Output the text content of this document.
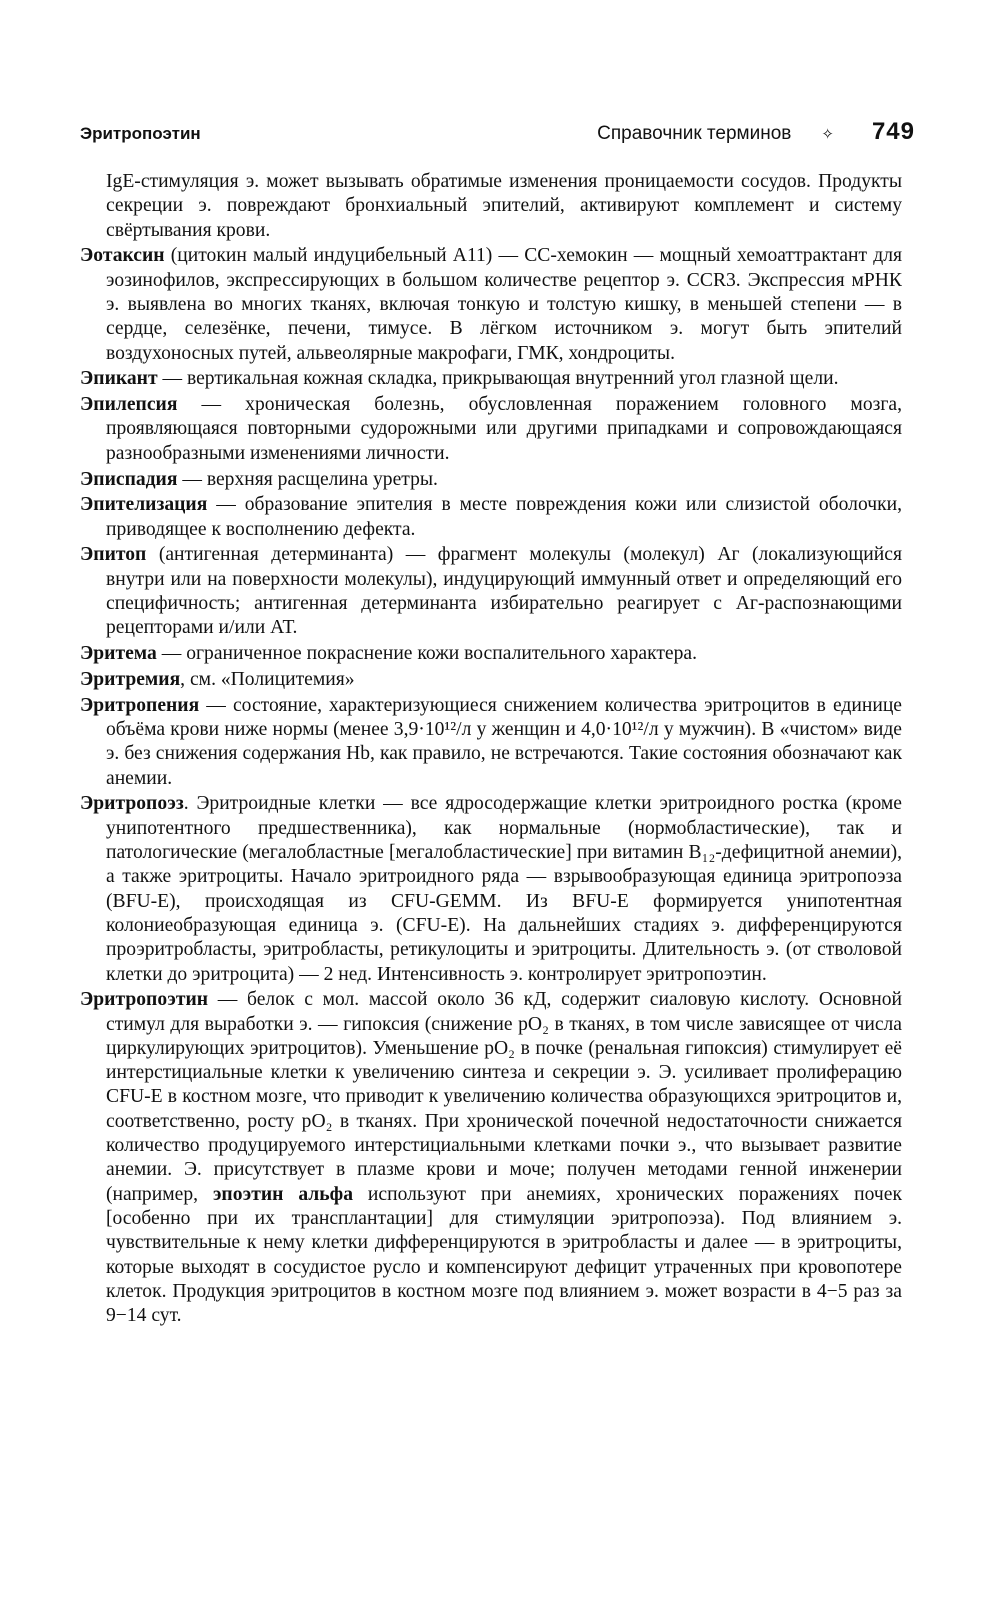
Эритропоэтин	Справочник терминов ✧ 749

IgE-стимуляция э. может вызывать обратимые изменения проницаемости сосудов. Продукты секреции э. повреждают бронхиальный эпителий, активируют комплемент и систему свёртывания крови.

Эотаксин (цитокин малый индуцибельный A11) — CC-хемокин — мощный хемоаттрактант для эозинофилов, экспрессирующих в большом количестве рецептор э. CCR3. Экспрессия мРНК э. выявлена во многих тканях, включая тонкую и толстую кишку, в меньшей степени — в сердце, селезёнке, печени, тимусе. В лёгком источником э. могут быть эпителий воздухоносных путей, альвеолярные макрофаги, ГМК, хондроциты.

Эпикант — вертикальная кожная складка, прикрывающая внутренний угол глазной щели.

Эпилепсия — хроническая болезнь, обусловленная поражением головного мозга, проявляющаяся повторными судорожными или другими припадками и сопровождающаяся разнообразными изменениями личности.

Эписпадия — верхняя расщелина уретры.

Эпителизация — образование эпителия в месте повреждения кожи или слизистой оболочки, приводящее к восполнению дефекта.

Эпитоп (антигенная детерминанта) — фрагмент молекулы (молекул) Аг (локализующийся внутри или на поверхности молекулы), индуцирующий иммунный ответ и определяющий его специфичность; антигенная детерминанта избирательно реагирует с Аг-распознающими рецепторами и/или АТ.

Эритема — ограниченное покраснение кожи воспалительного характера.

Эритремия, см. «Полицитемия»

Эритропения — состояние, характеризующиеся снижением количества эритроцитов в единице объёма крови ниже нормы (менее 3,9·10¹²/л у женщин и 4,0·10¹²/л у мужчин). В «чистом» виде э. без снижения содержания Hb, как правило, не встречаются. Такие состояния обозначают как анемии.

Эритропоэз. Эритроидные клетки — все ядросодержащие клетки эритроидного ростка (кроме унипотентного предшественника), как нормальные (нормобластические), так и патологические (мегалобластные [мегалобластические] при витамин B₁₂-дефицитной анемии), а также эритроциты. Начало эритроидного ряда — взрывообразующая единица эритропоэза (BFU-E), происходящая из CFU-GEMM. Из BFU-E формируется унипотентная колониеобразующая единица э. (CFU-E). На дальнейших стадиях э. дифференцируются проэритробласты, эритробласты, ретикулоциты и эритроциты. Длительность э. (от стволовой клетки до эритроцита) — 2 нед. Интенсивность э. контролирует эритропоэтин.

Эритропоэтин — белок с мол. массой около 36 кД, содержит сиаловую кислоту. Основной стимул для выработки э. — гипоксия (снижение pO₂ в тканях, в том числе зависящее от числа циркулирующих эритроцитов). Уменьшение pO₂ в почке (ренальная гипоксия) стимулирует её интерстициальные клетки к увеличению синтеза и секреции э. Э. усиливает пролиферацию CFU-E в костном мозге, что приводит к увеличению количества образующихся эритроцитов и, соответственно, росту pO₂ в тканях. При хронической почечной недостаточности снижается количество продуцируемого интерстициальными клетками почки э., что вызывает развитие анемии. Э. присутствует в плазме крови и моче; получен методами генной инженерии (например, эпоэтин альфа используют при анемиях, хронических поражениях почек [особенно при их трансплантации] для стимуляции эритропоэза). Под влиянием э. чувствительные к нему клетки дифференцируются в эритробласты и далее — в эритроциты, которые выходят в сосудистое русло и компенсируют дефицит утраченных при кровопотере клеток. Продукция эритроцитов в костном мозге под влиянием э. может возрасти в 4−5 раз за 9−14 сут.
